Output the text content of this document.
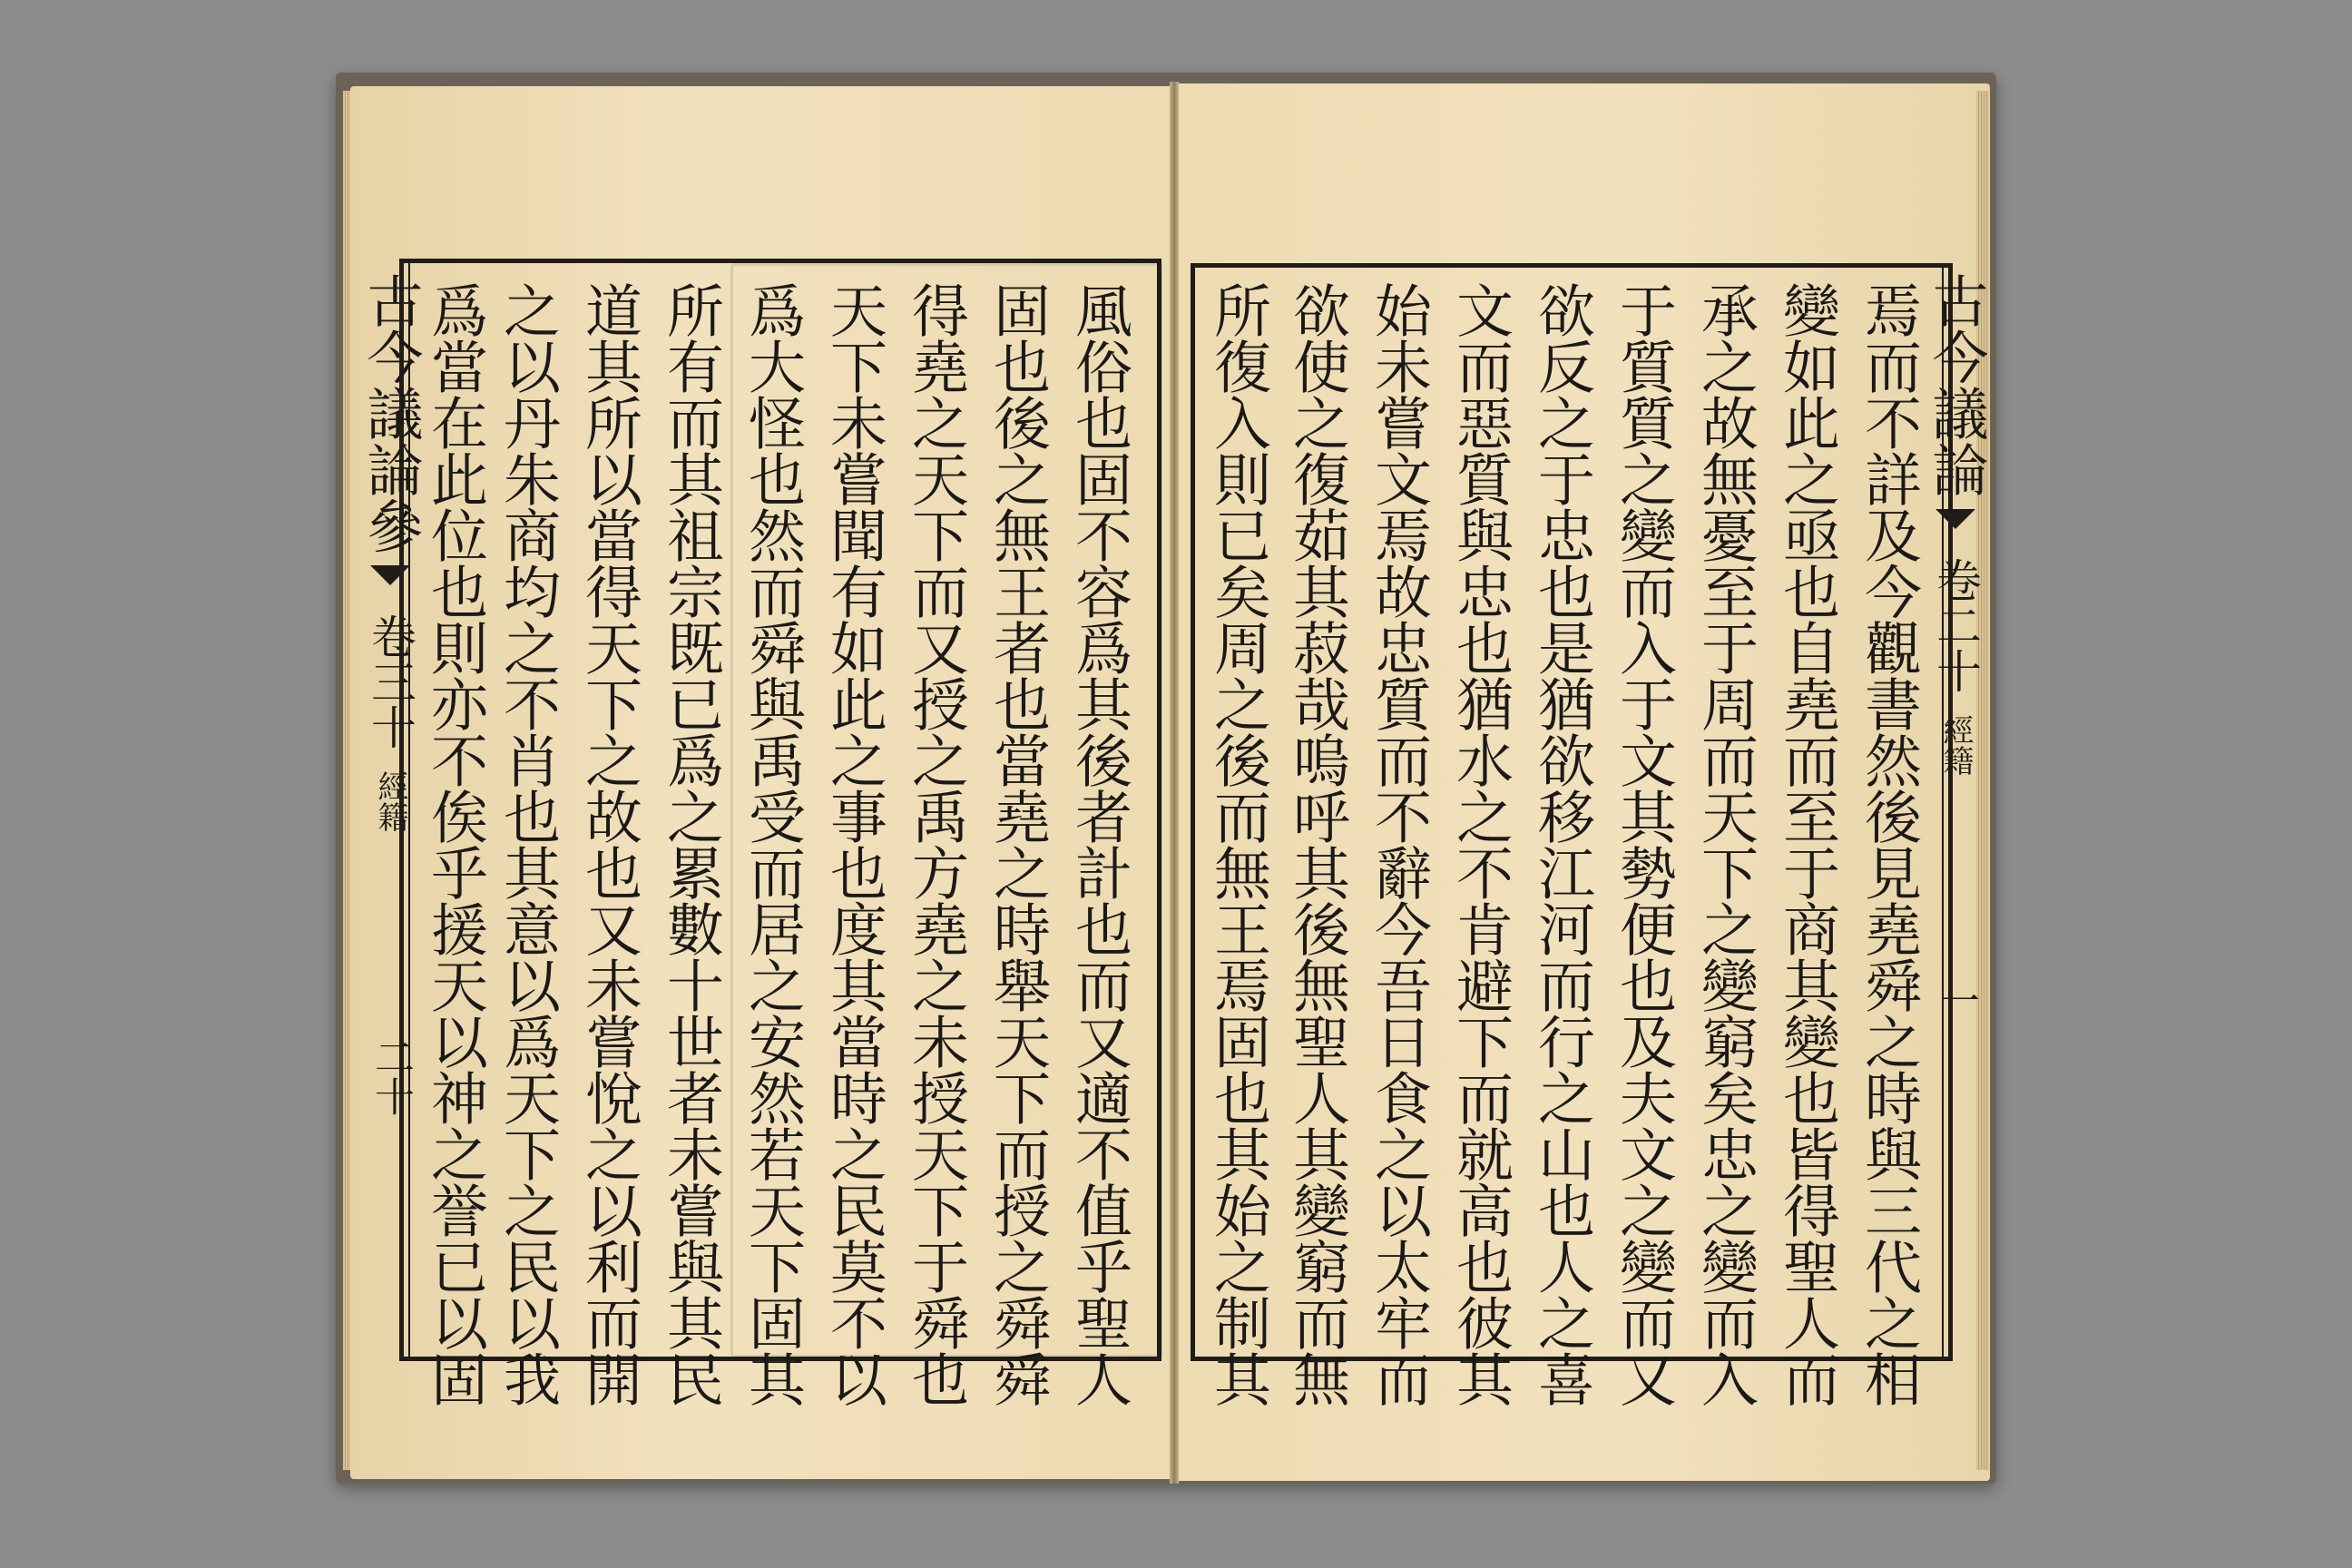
古今議論參  卷三十 經籍 二十	風俗也固不容爲其後者計也而又適不值乎聖人
固也後之無王者也當堯之時舉天下而授之舜舜
得堯之天下而又授之禹方堯之未授天下于舜也
天下未嘗聞有如此之事也度其當時之民莫不以
爲大怪也然而舜與禹受而居之安然若天下固其
所有而其祖宗既已爲之累數十世者未嘗與其民
道其所以當得天下之故也又未嘗悅之以利而開
之以丹朱商均之不肖也其意以爲天下之民以我
爲當在此位也則亦不俟乎援天以神之誉已以固	古今議論  卷二十 經籍 一
焉而不詳及今觀書然後見堯舜之時與三代之相
變如此之亟也自堯而至于商其變也皆得聖人而
承之故無憂至于周而天下之變窮矣忠之變而入
于質質之變而入于文其勢便也及夫文之變而又
欲反之于忠也是猶欲移江河而行之山也人之喜
文而惡質與忠也猶水之不肯避下而就高也彼其
始未嘗文焉故忠質而不辭今吾日食之以太牢而
欲使之復茹其菽哉嗚呼其後無聖人其變窮而無
所復入則已矣周之後而無王焉固也其始之制其
